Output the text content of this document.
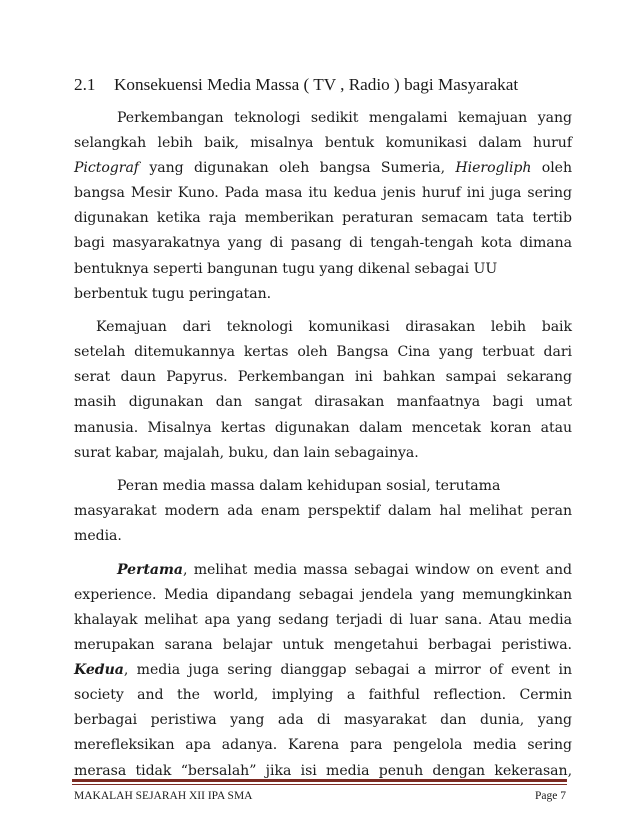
2.1 Konsekuensi Media Massa ( TV , Radio ) bagi Masyarakat

Perkembangan teknologi sedikit mengalami kemajuan yang
selangkah lebih baik, misalnya bentuk komunikasi dalam huruf
Pictograf yang digunakan oleh bangsa Sumeria, Hierogliph oleh
bangsa Mesir Kuno. Pada masa itu kedua jenis huruf ini juga sering
digunakan ketika raja memberikan peraturan semacam tata tertib
bagi masyarakatnya yang di pasang di tengah-tengah kota dimana
bentuknya seperti bangunan tugu yang dikenal sebagai UU
berbentuk tugu peringatan.

Kemajuan dari teknologi komunikasi dirasakan lebih baik
setelah ditemukannya kertas oleh Bangsa Cina yang terbuat dari
serat daun Papyrus. Perkembangan ini bahkan sampai sekarang
masih digunakan dan sangat dirasakan manfaatnya bagi umat
manusia. Misalnya kertas digunakan dalam mencetak koran atau
surat kabar, majalah, buku, dan lain sebagainya.

Peran media massa dalam kehidupan sosial, terutama
masyarakat modern ada enam perspektif dalam hal melihat peran
media.

Pertama, melihat media massa sebagai window on event and
experience. Media dipandang sebagai jendela yang memungkinkan
khalayak melihat apa yang sedang terjadi di luar sana. Atau media
merupakan sarana belajar untuk mengetahui berbagai peristiwa.
Kedua, media juga sering dianggap sebagai a mirror of event in
society and the world, implying a faithful reflection. Cermin
berbagai peristiwa yang ada di masyarakat dan dunia, yang
merefleksikan apa adanya. Karena para pengelola media sering
merasa tidak “bersalah” jika isi media penuh dengan kekerasan,

MAKALAH SEJARAH XII IPA SMA	Page 7
